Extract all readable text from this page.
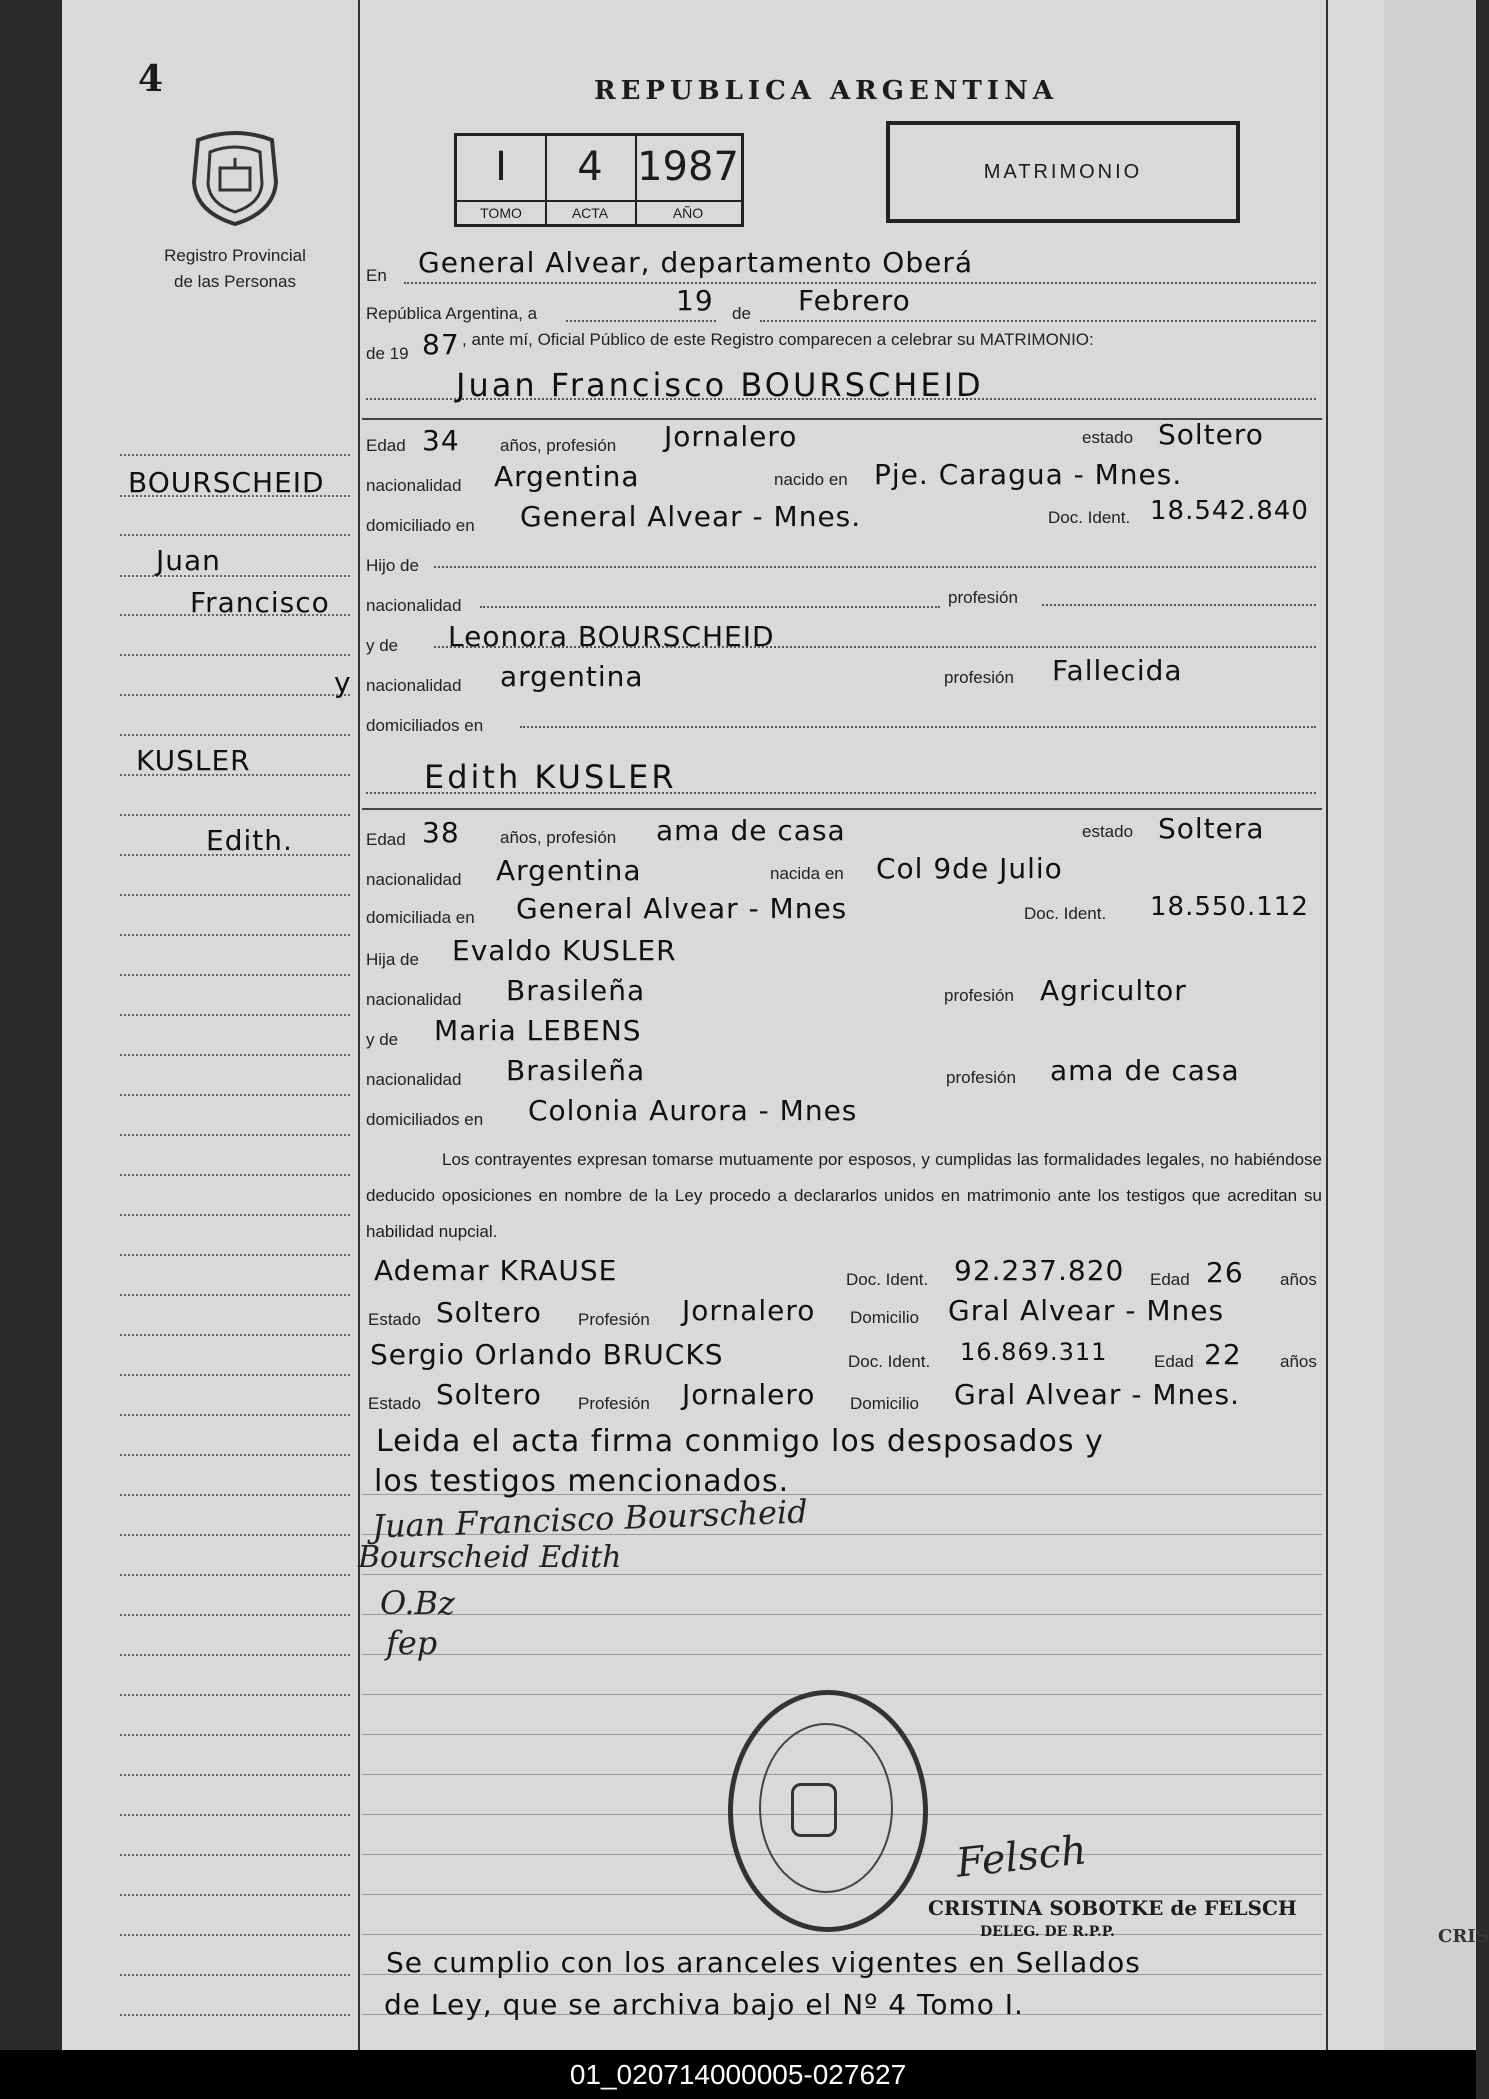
CRIS
4	REPUBLICA ARGENTINA
Registro Provincial
de las Personas
I
TOMO
4
ACTA
1987
AÑO
MATRIMONIO
BOURSCHEID
Juan
Francisco
y
KUSLER
Edith.
En General Alvear, departamento Oberá
República Argentina, a	19 de Febrero
de 19 87 , ante mí, Oficial Público de este Registro comparecen a celebrar su MATRIMONIO:
Juan Francisco BOURSCHEID
Edad 34 años, profesión Jornalero	estado Soltero
nacionalidad Argentina	nacido en Pje. Caragua - Mnes.
domiciliado en General Alvear - Mnes.	Doc. Ident. 18.542.840
Hijo de
nacionalidad	profesión
y de Leonora BOURSCHEID
nacionalidad argentina	profesión Fallecida
domiciliados en
Edith KUSLER
Edad 38 años, profesión ama de casa	estado Soltera
nacionalidad Argentina	nacida en Col 9de Julio
domiciliada en General Alvear - Mnes	Doc. Ident. 18.550.112
Hija de Evaldo KUSLER
nacionalidad Brasileña	profesión Agricultor
y de Maria LEBENS
nacionalidad Brasileña	profesión ama de casa
domiciliados en Colonia Aurora - Mnes
Los contrayentes expresan tomarse mutuamente por esposos, y cumplidas las formalidades legales, no habiéndose deducido oposiciones en nombre de la Ley procedo a declararlos unidos en matrimonio ante los testigos que acreditan su habilidad nupcial.
Ademar KRAUSE	Doc. Ident. 92.237.820 Edad 26 años
Estado Soltero Profesión Jornalero Domicilio Gral Alvear - Mnes
Sergio Orlando BRUCKS	Doc. Ident. 16.869.311	Edad 22 años
Estado Soltero Profesión Jornalero Domicilio Gral Alvear - Mnes.
Leida el acta firma conmigo los desposados y
los testigos mencionados.
Juan Francisco Bourscheid
Bourscheid Edith
O.Bz
fep
Felsch
CRISTINA SOBOTKE de FELSCH
DELEG. DE R.P.P.
Se cumplio con los aranceles vigentes en Sellados
de Ley, que se archiva bajo el Nº 4 Tomo I.
01_020714000005-027627
